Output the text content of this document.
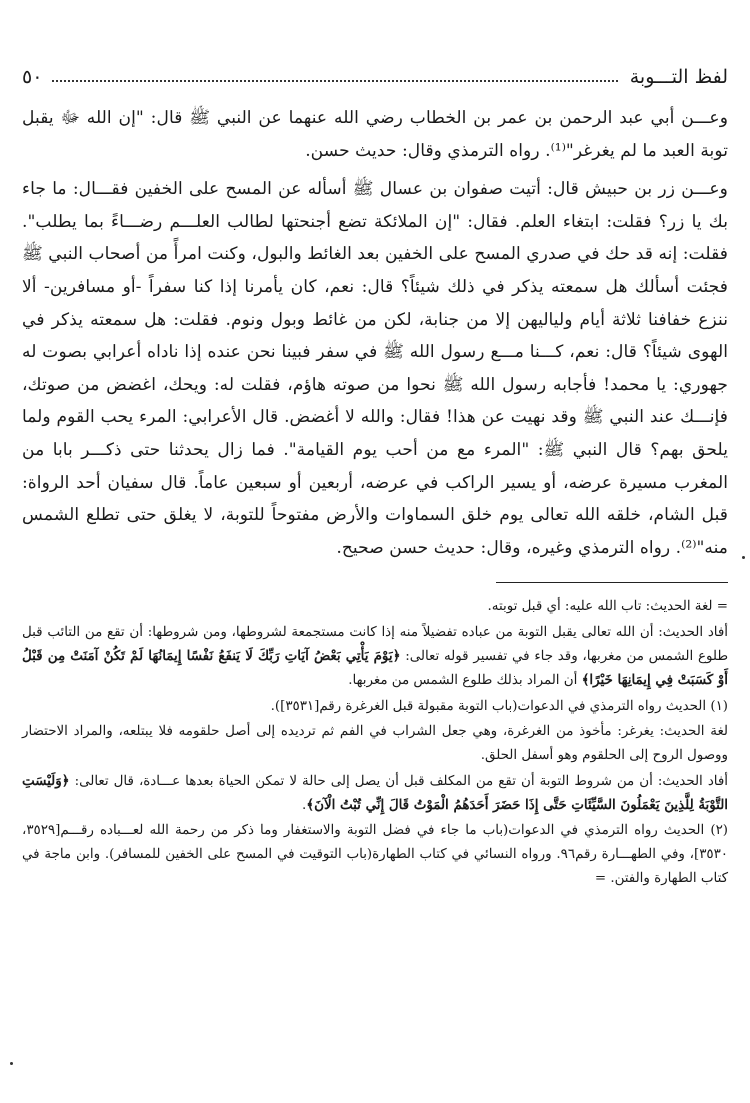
لفظ التـــوبة
٥٠

وعـــن أبي عبد الرحمن بن عمر بن الخطاب رضي الله عنهما عن النبي ﷺ قال: "إن الله ﷻ يقبل توبة العبد ما لم يغرغر"⁽¹⁾. رواه الترمذي وقال: حديث حسن.

وعـــن زر بن حبيش قال: أتيت صفوان بن عسال ﷺ أسأله عن المسح على الخفين فقـــال: ما جاء بك يا زر؟ فقلت: ابتغاء العلم. فقال: "إن الملائكة تضع أجنحتها لطالب العلـــم رضـــاءً بما يطلب". فقلت: إنه قد حك في صدري المسح على الخفين بعد الغائط والبول، وكنت امرأً من أصحاب النبي ﷺ فجئت أسألك هل سمعته يذكر في ذلك شيئاً؟ قال: نعم، كان يأمرنا إذا كنا سفراً -أو مسافرين- ألا ننزع خفافنا ثلاثة أيام ولياليهن إلا من جنابة، لكن من غائط وبول ونوم. فقلت: هل سمعته يذكر في الهوى شيئاً؟ قال: نعم، كـــنا مـــع رسول الله ﷺ في سفر فبينا نحن عنده إذا ناداه أعرابي بصوت له جهوري: يا محمد! فأجابه رسول الله ﷺ نحوا من صوته هاؤم، فقلت له: ويحك، اغضض من صوتك، فإنـــك عند النبي ﷺ وقد نهيت عن هذا! فقال: والله لا أغضض. قال الأعرابي: المرء يحب القوم ولما يلحق بهم؟ قال النبي ﷺ: "المرء مع من أحب يوم القيامة". فما زال يحدثنا حتى ذكـــر بابا من المغرب مسيرة عرضه، أو يسير الراكب في عرضه، أربعين أو سبعين عاماً. قال سفيان أحد الرواة: قبل الشام، خلقه الله تعالى يوم خلق السماوات والأرض مفتوحاً للتوبة، لا يغلق حتى تطلع الشمس منه"⁽²⁾. رواه الترمذي وغيره، وقال: حديث حسن صحيح.

= لغة الحديث: تاب الله عليه: أي قبل توبته.

أفاد الحديث: أن الله تعالى يقبل التوبة من عباده تفضيلاً منه إذا كانت مستجمعة لشروطها، ومن شروطها: أن تقع من التائب قبل طلوع الشمس من مغربها، وقد جاء في تفسير قوله تعالى: ﴿يَوْمَ يَأْتِي بَعْضُ آيَاتِ رَبِّكَ لَا يَنفَعُ نَفْسًا إِيمَانُهَا لَمْ تَكُنْ آمَنَتْ مِن قَبْلُ أَوْ كَسَبَتْ فِي إِيمَانِهَا خَيْرًا﴾ أن المراد بذلك طلوع الشمس من مغربها.

(١) الحديث رواه الترمذي في الدعوات(باب التوبة مقبولة قبل الغرغرة رقم[٣٥٣١]).

لغة الحديث: يغرغر: مأخوذ من الغرغرة، وهي جعل الشراب في الفم ثم ترديده إلى أصل حلقومه فلا يبتلعه، والمراد الاحتضار ووصول الروح إلى الحلقوم وهو أسفل الحلق.

أفاد الحديث: أن من شروط التوبة أن تقع من المكلف قبل أن يصل إلى حالة لا تمكن الحياة بعدها عـــادة، قال تعالى: ﴿وَلَيْسَتِ التَّوْبَةُ لِلَّذِينَ يَعْمَلُونَ السَّيِّئَاتِ حَتَّى إِذَا حَضَرَ أَحَدَهُمُ الْمَوْتُ قَالَ إِنِّي تُبْتُ الْآنَ﴾.

(٢) الحديث رواه الترمذي في الدعوات(باب ما جاء في فضل التوبة والاستغفار وما ذكر من رحمة الله لعـــباده رقـــم[٣٥٢٩، ٣٥٣٠]، وفي الطهـــارة رقم٩٦. ورواه النسائي في كتاب الطهارة(باب التوقيت في المسح على الخفين للمسافر). وابن ماجة في كتاب الطهارة والفتن. =
